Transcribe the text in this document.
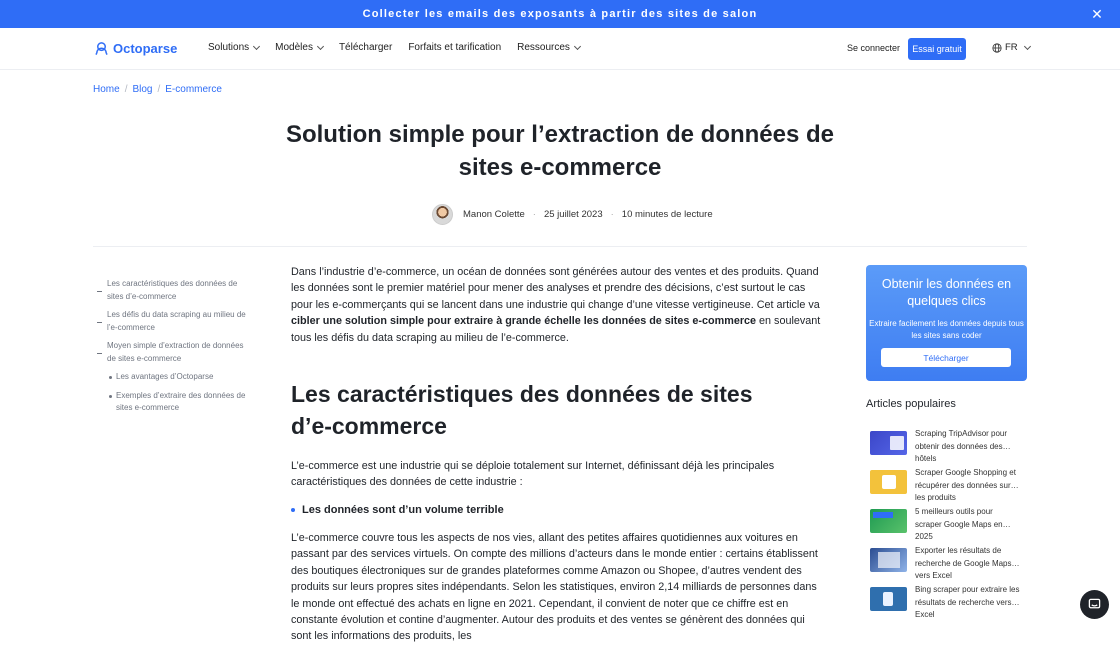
Collecter les emails des exposants à partir des sites de salon	✕
Octoparse	Solutions	Modèles	Télécharger Forfaits et tarification Ressources	Se connecter	Essai gratuit	FR
Home / Blog / E-commerce
Solution simple pour l’extraction de données de sites e-commerce
Manon Colette · 25 juillet 2023 · 10 minutes de lecture
Les caractéristiques des données de sites d’e-commerce
Les défis du data scraping au milieu de l’e-commerce
Moyen simple d’extraction de données de sites e-commerce
Les avantages d’Octoparse
Exemples d’extraire des données de sites e-commerce

Dans l’industrie d’e-commerce, un océan de données sont générées autour des ventes et des produits. Quand les données sont le premier matériel pour mener des analyses et prendre des décisions, c’est surtout le cas pour les e-commerçants qui se lancent dans une industrie qui change d’une vitesse vertigineuse. Cet article va cibler une solution simple pour extraire à grande échelle les données de sites e-commerce en soulevant tous les défis du data scraping au milieu de l’e-commerce.

Les caractéristiques des données de sites d’e-commerce

L’e-commerce est une industrie qui se déploie totalement sur Internet, définissant déjà les principales caractéristiques des données de cette industrie :

Les données sont d’un volume terrible

L’e-commerce couvre tous les aspects de nos vies, allant des petites affaires quotidiennes aux voitures en passant par des services virtuels. On compte des millions d’acteurs dans le monde entier : certains établissent des boutiques électroniques sur de grandes plateformes comme Amazon ou Shopee, d’autres vendent des produits sur leurs propres sites indépendants. Selon les statistiques, environ 2,14 milliards de personnes dans le monde ont effectué des achats en ligne en 2021. Cependant, il convient de noter que ce chiffre est en constante évolution et contine d’augmenter. Autour des produits et des ventes se génèrent des données qui sont les informations des produits, les

Obtenir les données en quelques clics
Extraire facilement les données depuis tous les sites sans coder
Télécharger
Articles populaires
Scraping TripAdvisor pour obtenir des données des hôtels
Scraper Google Shopping et récupérer des données sur les produits
5 meilleurs outils pour scraper Google Maps en 2025
Exporter les résultats de recherche de Google Maps vers Excel
Bing scraper pour extraire les résultats de recherche vers Excel
